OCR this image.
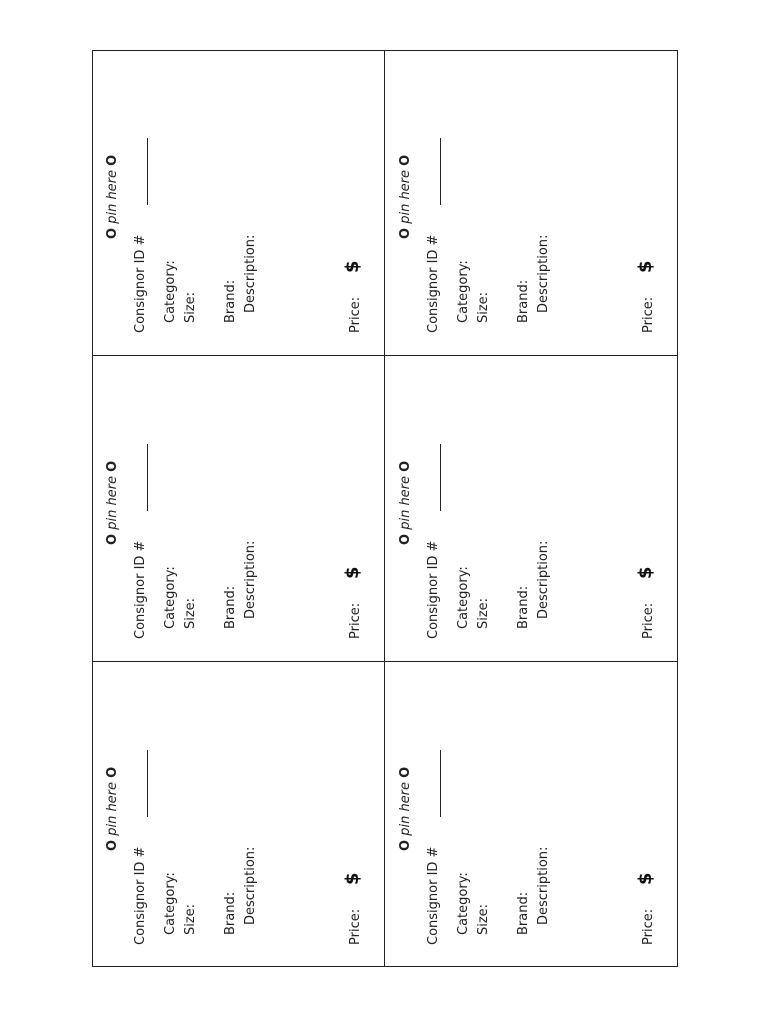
O pin here O
Consignor ID # Category: Size: Brand: Description:
Price:
$
O pin here O
Consignor ID # Category: Size: Brand: Description:
Price:
$
O pin here O
Consignor ID # Category: Size: Brand: Description:
Price:
$
O pin here O
Consignor ID # Category: Size: Brand: Description:
Price:
$
O pin here O
Consignor ID # Category: Size: Brand: Description:
Price:
$
O pin here O
Consignor ID # Category: Size: Brand: Description:
Price:
$
